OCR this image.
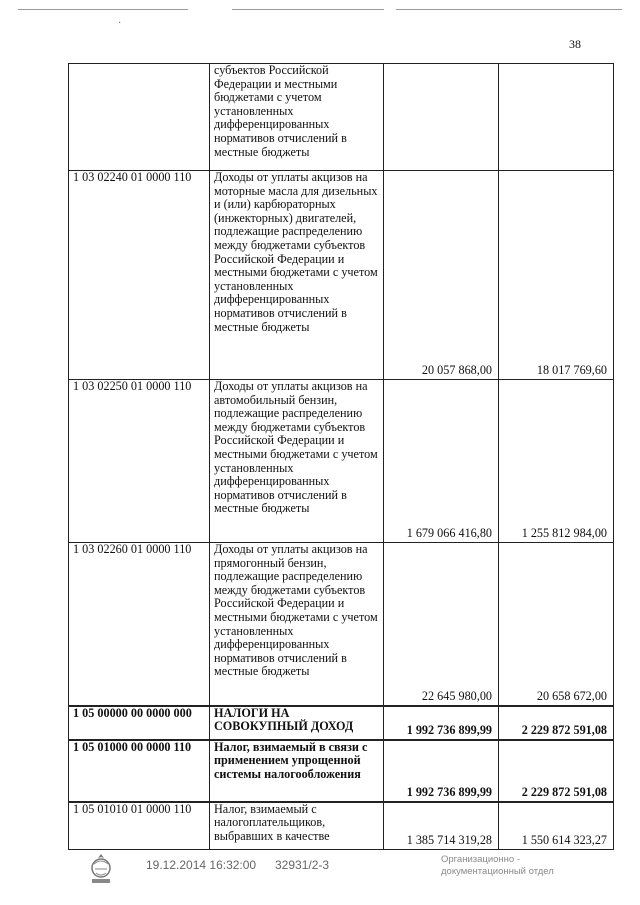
·
38
	субъектов Российской Федерации и местными бюджетами с учетом установленных дифференцированных нормативов отчислений в местные бюджеты		
1 03 02240 01 0000 110	Доходы от уплаты акцизов на моторные масла для дизельных и (или) карбюраторных (инжекторных) двигателей, подлежащие распределению между бюджетами субъектов Российской Федерации и местными бюджетами с учетом установленных дифференцированных нормативов отчислений в местные бюджеты	20 057 868,00	18 017 769,60
1 03 02250 01 0000 110	Доходы от уплаты акцизов на автомобильный бензин, подлежащие распределению между бюджетами субъектов Российской Федерации и местными бюджетами с учетом установленных дифференцированных нормативов отчислений в местные бюджеты	1 679 066 416,80	1 255 812 984,00
1 03 02260 01 0000 110	Доходы от уплаты акцизов на прямогонный бензин, подлежащие распределению между бюджетами субъектов Российской Федерации и местными бюджетами с учетом установленных дифференцированных нормативов отчислений в местные бюджеты	22 645 980,00	20 658 672,00
1 05 00000 00 0000 000	НАЛОГИ НА СОВОКУПНЫЙ ДОХОД	1 992 736 899,99	2 229 872 591,08
1 05 01000 00 0000 110	Налог, взимаемый в связи с применением упрощенной системы налогообложения	1 992 736 899,99	2 229 872 591,08
1 05 01010 01 0000 110	Налог, взимаемый с налогоплательщиков, выбравших в качестве	1 385 714 319,28	1 550 614 323,27
19.12.2014 16:32:00 32931/2-3	Организационно -
документационный отдел
